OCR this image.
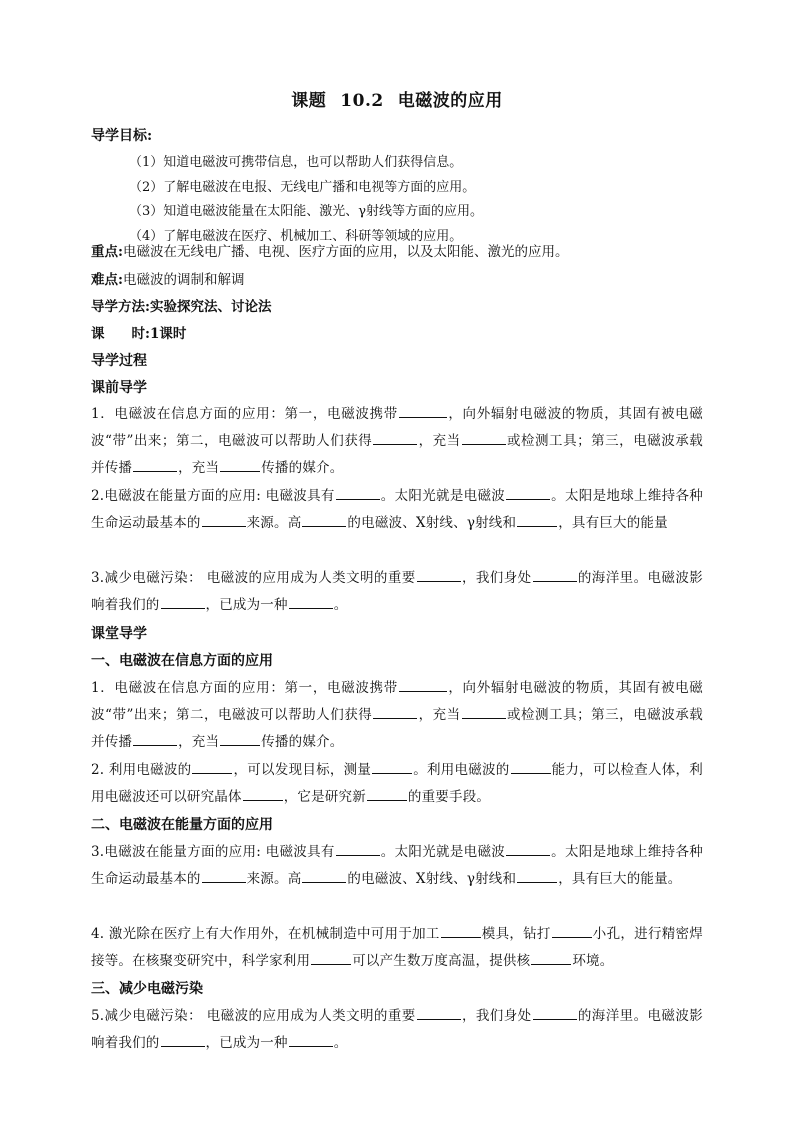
课题 10.2 电磁波的应用
导学目标:
（1）知道电磁波可携带信息，也可以帮助人们获得信息。
（2）了解电磁波在电报、无线电广播和电视等方面的应用。
（3）知道电磁波能量在太阳能、激光、γ射线等方面的应用。
（4）了解电磁波在医疗、机械加工、科研等领域的应用。
重点:电磁波在无线电广播、电视、医疗方面的应用，以及太阳能、激光的应用。
难点:电磁波的调制和解调
导学方法:实验探究法、讨论法
课　　时:1课时
导学过程
课前导学
1．电磁波在信息方面的应用：第一，电磁波携带	，向外辐射电磁波的物质，其固有被电磁波“带”出来；第二，电磁波可以帮助人们获得	，充当	或检测工具；第三，电磁波承载并传播	，充当	传播的媒介。
2.电磁波在能量方面的应用: 电磁波具有	。太阳光就是电磁波	。太阳是地球上维持各种生命运动最基本的	来源。高	的电磁波、X射线、γ射线和	，具有巨大的能量
3.减少电磁污染： 电磁波的应用成为人类文明的重要	，我们身处	的海洋里。电磁波影响着我们的	，已成为一种	。
课堂导学
一、电磁波在信息方面的应用
1．电磁波在信息方面的应用：第一，电磁波携带	，向外辐射电磁波的物质，其固有被电磁波“带”出来；第二，电磁波可以帮助人们获得	，充当	或检测工具；第三，电磁波承载并传播	，充当	传播的媒介。
2. 利用电磁波的	，可以发现目标，测量	。利用电磁波的	能力，可以检查人体，利用电磁波还可以研究晶体	，它是研究新	的重要手段。
二、电磁波在能量方面的应用
3.电磁波在能量方面的应用: 电磁波具有	。太阳光就是电磁波	。太阳是地球上维持各种生命运动最基本的	来源。高	的电磁波、X射线、γ射线和	，具有巨大的能量。
4. 激光除在医疗上有大作用外，在机械制造中可用于加工	模具，钻打	小孔，进行精密焊接等。在核聚变研究中，科学家利用	可以产生数万度高温，提供核	环境。
三、减少电磁污染
5.减少电磁污染： 电磁波的应用成为人类文明的重要	，我们身处	的海洋里。电磁波影响着我们的	，已成为一种	。
